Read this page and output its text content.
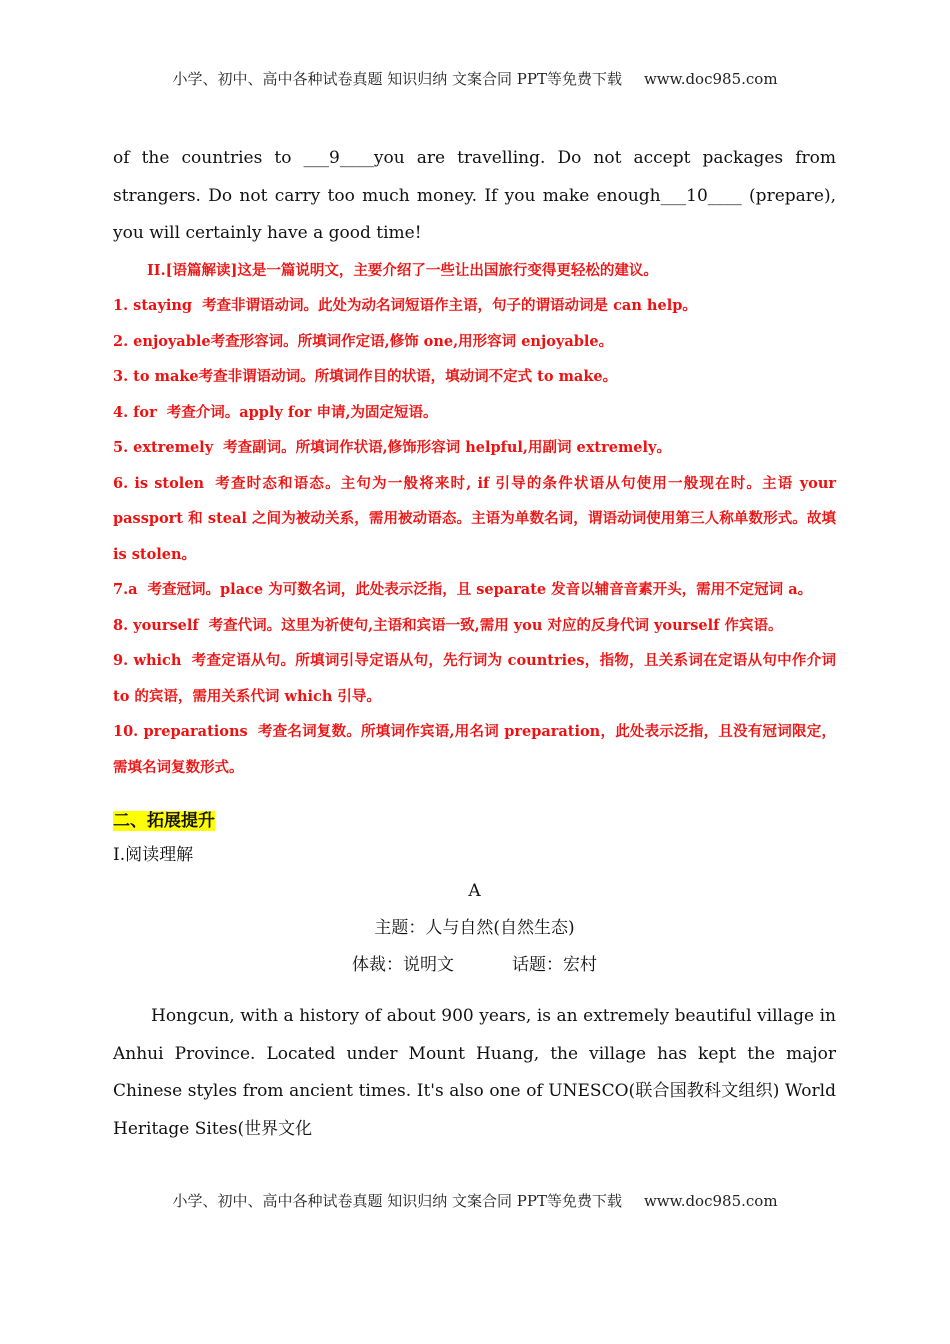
小学、初中、高中各种试卷真题 知识归纳 文案合同 PPT等免费下载 www.doc985.com

of the countries to ___9____you are travelling. Do not accept packages from strangers. Do not carry too much money. If you make enough___10____ (prepare), you will certainly have a good time!

II.[语篇解读]这是一篇说明文，主要介绍了一些让出国旅行变得更轻松的建议。

1. staying 考查非谓语动词。此处为动名词短语作主语，句子的谓语动词是 can help。

2. enjoyable考查形容词。所填词作定语,修饰 one,用形容词 enjoyable。

3. to make考查非谓语动词。所填词作目的状语，填动词不定式 to make。

4. for 考查介词。apply for 申请,为固定短语。

5. extremely 考查副词。所填词作状语,修饰形容词 helpful,用副词 extremely。

6. is stolen 考查时态和语态。主句为一般将来时, if 引导的条件状语从句使用一般现在时。主语 your passport 和 steal 之间为被动关系，需用被动语态。主语为单数名词，谓语动词使用第三人称单数形式。故填 is stolen。

7.a 考查冠词。place 为可数名词，此处表示泛指，且 separate 发音以辅音音素开头，需用不定冠词 a。

8. yourself 考查代词。这里为祈使句,主语和宾语一致,需用 you 对应的反身代词 yourself 作宾语。

9. which 考查定语从句。所填词引导定语从句，先行词为 countries，指物，且关系词在定语从句中作介词 to 的宾语，需用关系代词 which 引导。

10. preparations 考查名词复数。所填词作宾语,用名词 preparation，此处表示泛指，且没有冠词限定，需填名词复数形式。

二、拓展提升

I.阅读理解

A

主题：人与自然(自然生态)

体裁：说明文	话题：宏村

Hongcun, with a history of about 900 years, is an extremely beautiful village in Anhui Province. Located under Mount Huang, the village has kept the major Chinese styles from ancient times. It's also one of UNESCO(联合国教科文组织) World Heritage Sites(世界文化

小学、初中、高中各种试卷真题 知识归纳 文案合同 PPT等免费下载 www.doc985.com
